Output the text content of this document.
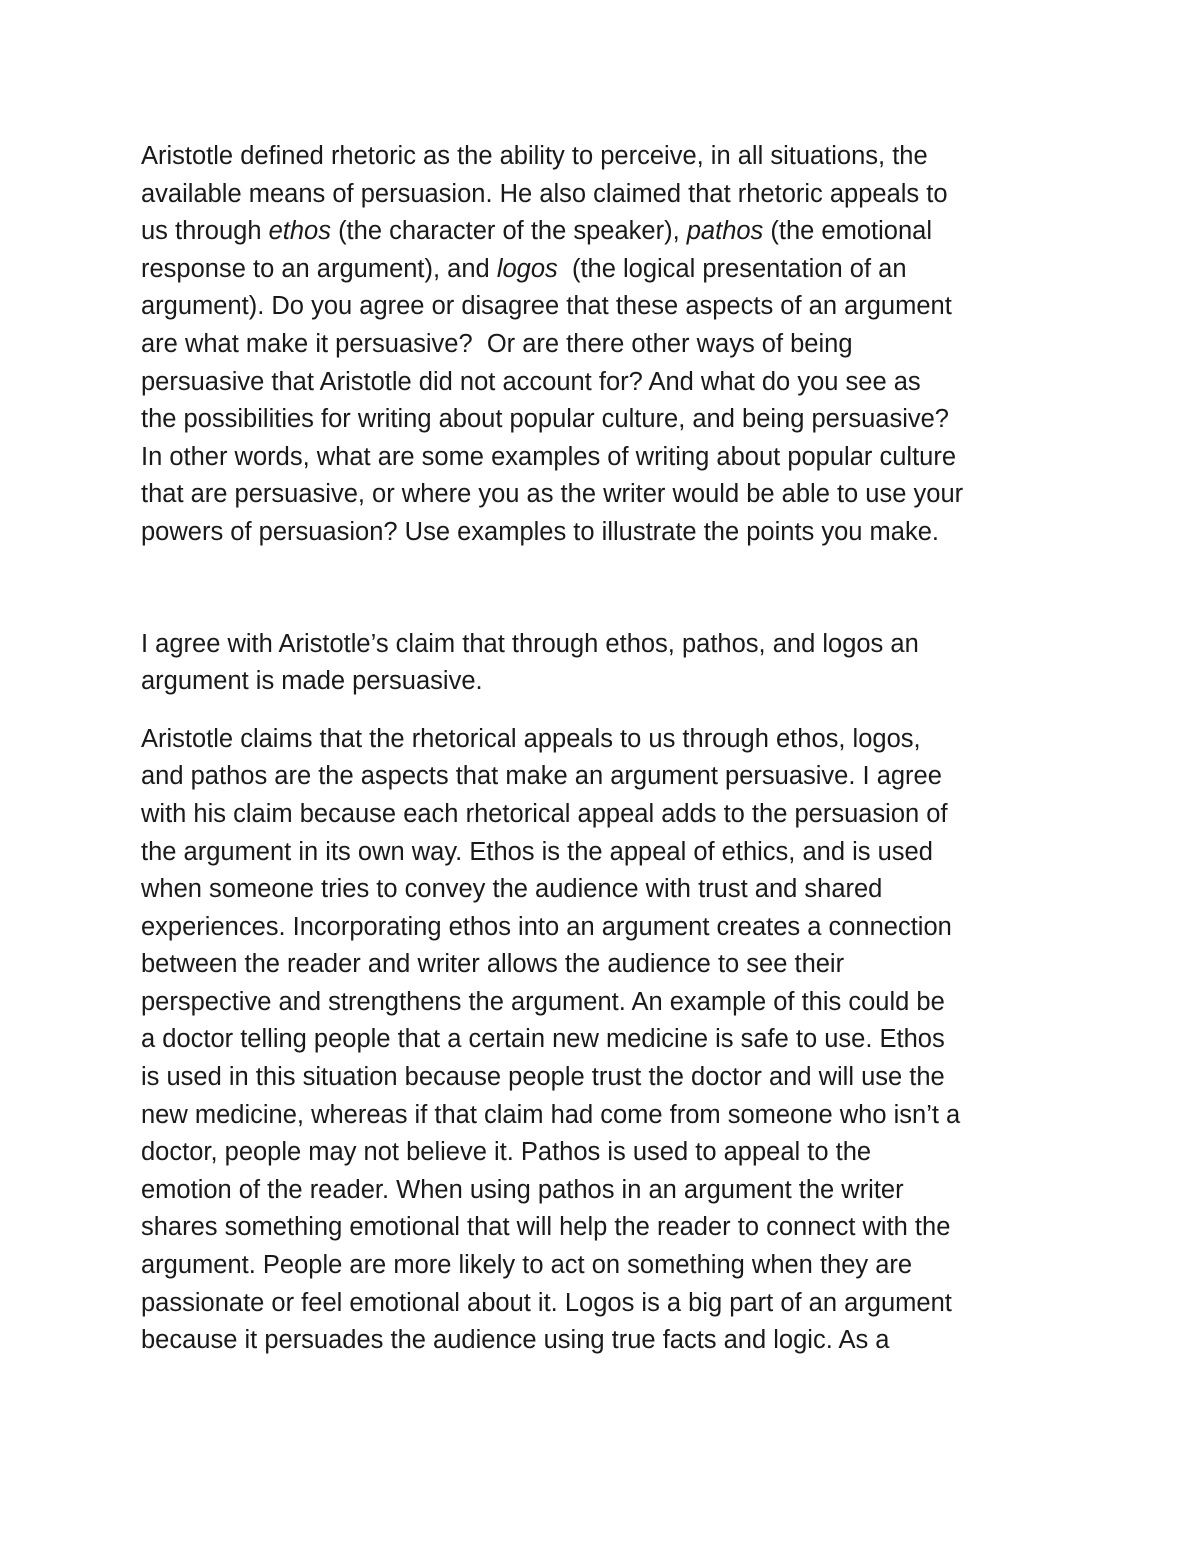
Aristotle defined rhetoric as the ability to perceive, in all situations, the
available means of persuasion. He also claimed that rhetoric appeals to
us through ethos (the character of the speaker), pathos (the emotional
response to an argument), and logos  (the logical presentation of an
argument). Do you agree or disagree that these aspects of an argument
are what make it persuasive?  Or are there other ways of being
persuasive that Aristotle did not account for? And what do you see as
the possibilities for writing about popular culture, and being persuasive?
In other words, what are some examples of writing about popular culture
that are persuasive, or where you as the writer would be able to use your
powers of persuasion? Use examples to illustrate the points you make.
I agree with Aristotle’s claim that through ethos, pathos, and logos an
argument is made persuasive.
Aristotle claims that the rhetorical appeals to us through ethos, logos,
and pathos are the aspects that make an argument persuasive. I agree
with his claim because each rhetorical appeal adds to the persuasion of
the argument in its own way. Ethos is the appeal of ethics, and is used
when someone tries to convey the audience with trust and shared
experiences. Incorporating ethos into an argument creates a connection
between the reader and writer allows the audience to see their
perspective and strengthens the argument. An example of this could be
a doctor telling people that a certain new medicine is safe to use. Ethos
is used in this situation because people trust the doctor and will use the
new medicine, whereas if that claim had come from someone who isn’t a
doctor, people may not believe it. Pathos is used to appeal to the
emotion of the reader. When using pathos in an argument the writer
shares something emotional that will help the reader to connect with the
argument. People are more likely to act on something when they are
passionate or feel emotional about it. Logos is a big part of an argument
because it persuades the audience using true facts and logic. As a
